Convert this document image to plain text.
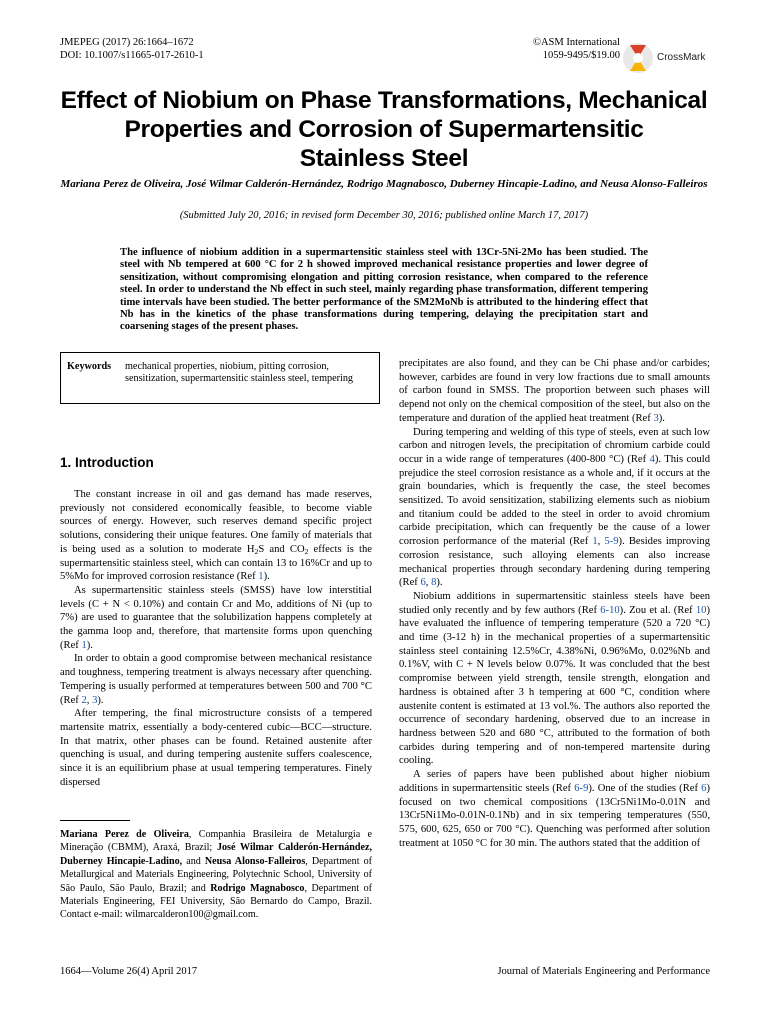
JMEPEG (2017) 26:1664–1672
DOI: 10.1007/s11665-017-2610-1
©ASM International
1059-9495/$19.00	CrossMark
Effect of Niobium on Phase Transformations, Mechanical
Properties and Corrosion of Supermartensitic
Stainless Steel
Mariana Perez de Oliveira, José Wilmar Calderón-Hernández, Rodrigo Magnabosco, Duberney Hincapie-Ladino, and Neusa Alonso-Falleiros
(Submitted July 20, 2016; in revised form December 30, 2016; published online March 17, 2017)
The influence of niobium addition in a supermartensitic stainless steel with 13Cr-5Ni-2Mo has been studied. The steel with Nb tempered at 600 °C for 2 h showed improved mechanical resistance properties and lower degree of sensitization, without compromising elongation and pitting corrosion resistance, when compared to the reference steel. In order to understand the Nb effect in such steel, mainly regarding phase transformation, different tempering time intervals have been studied. The better performance of the SM2MoNb is attributed to the hindering effect that Nb has in the kinetics of the phase transformations during tempering, delaying the precipitation start and coarsening stages of the present phases.
Keywords mechanical properties, niobium, pitting corrosion, sensitization, supermartensitic stainless steel, tempering
1. Introduction

The constant increase in oil and gas demand has made reserves, previously not considered economically feasible, to become viable sources of energy. However, such reserves demand specific project solutions, considering their unique features. One family of materials that is being used as a solution to moderate $H_2S$ and $CO_2$ effects is the supermartensitic stainless steel, which can contain 13 to 16%Cr and up to 5%Mo for improved corrosion resistance (Ref 1).

As supermartensitic stainless steels (SMSS) have low interstitial levels (C + N < 0.10%) and contain Cr and Mo, additions of Ni (up to 7%) are used to guarantee that the solubilization happens completely at the gamma loop and, therefore, that martensite forms upon quenching (Ref 1).

In order to obtain a good compromise between mechanical resistance and toughness, tempering treatment is always necessary after quenching. Tempering is usually performed at temperatures between 500 and 700 °C (Ref 2, 3).

After tempering, the final microstructure consists of a tempered martensite matrix, essentially a body-centered cubic—BCC—structure. In that matrix, other phases can be found. Retained austenite after quenching is usual, and during tempering austenite suffers coalescence, since it is an equilibrium phase at usual tempering temperatures. Finely dispersed

precipitates are also found, and they can be Chi phase and/or carbides; however, carbides are found in very low fractions due to small amounts of carbon found in SMSS. The proportion between such phases will depend not only on the chemical composition of the steel, but also on the temperature and duration of the applied heat treatment (Ref 3).

During tempering and welding of this type of steels, even at such low carbon and nitrogen levels, the precipitation of chromium carbide could occur in a wide range of temperatures (400-800 °C) (Ref 4). This could prejudice the steel corrosion resistance as a whole and, if it occurs at the grain boundaries, which is frequently the case, the steel becomes sensitized. To avoid sensitization, stabilizing elements such as niobium and titanium could be added to the steel in order to avoid chromium carbide precipitation, which can frequently be the cause of a lower corrosion performance of the material (Ref 1, 5-9). Besides improving corrosion resistance, such alloying elements can also increase mechanical properties through secondary hardening during tempering (Ref 6, 8).

Niobium additions in supermartensitic stainless steels have been studied only recently and by few authors (Ref 6-10). Zou et al. (Ref 10) have evaluated the influence of tempering temperature (520 a 720 °C) and time (3-12 h) in the mechanical properties of a supermartensitic stainless steel containing 12.5%Cr, 4.38%Ni, 0.96%Mo, 0.02%Nb and 0.1%V, with C + N levels below 0.07%. It was concluded that the best compromise between yield strength, tensile strength, elongation and hardness is obtained after 3 h tempering at 600 °C, condition where austenite content is estimated at 13 vol.%. The authors also reported the occurrence of secondary hardening, observed due to an increase in hardness between 520 and 680 °C, attributed to the formation of both carbides during tempering and of non-tempered martensite during cooling.

A series of papers have been published about higher niobium additions in supermartensitic steels (Ref 6-9). One of the studies (Ref 6) focused on two chemical compositions (13Cr5Ni1Mo-0.01N and 13Cr5Ni1Mo-0.01N-0.1Nb) and in six tempering temperatures (550, 575, 600, 625, 650 or 700 °C). Quenching was performed after solution treatment at 1050 °C for 30 min. The authors stated that the addition of

Mariana Perez de Oliveira, Companhia Brasileira de Metalurgia e Mineração (CBMM), Araxá, Brazil; José Wilmar Calderón-Hernández, Duberney Hincapie-Ladino, and Neusa Alonso-Falleiros, Department of Metallurgical and Materials Engineering, Polytechnic School, University of São Paulo, São Paulo, Brazil; and Rodrigo Magnabosco, Department of Materials Engineering, FEI University, São Bernardo do Campo, Brazil. Contact e-mail: wilmarcalderon100@gmail.com.
1664—Volume 26(4) April 2017	Journal of Materials Engineering and Performance
